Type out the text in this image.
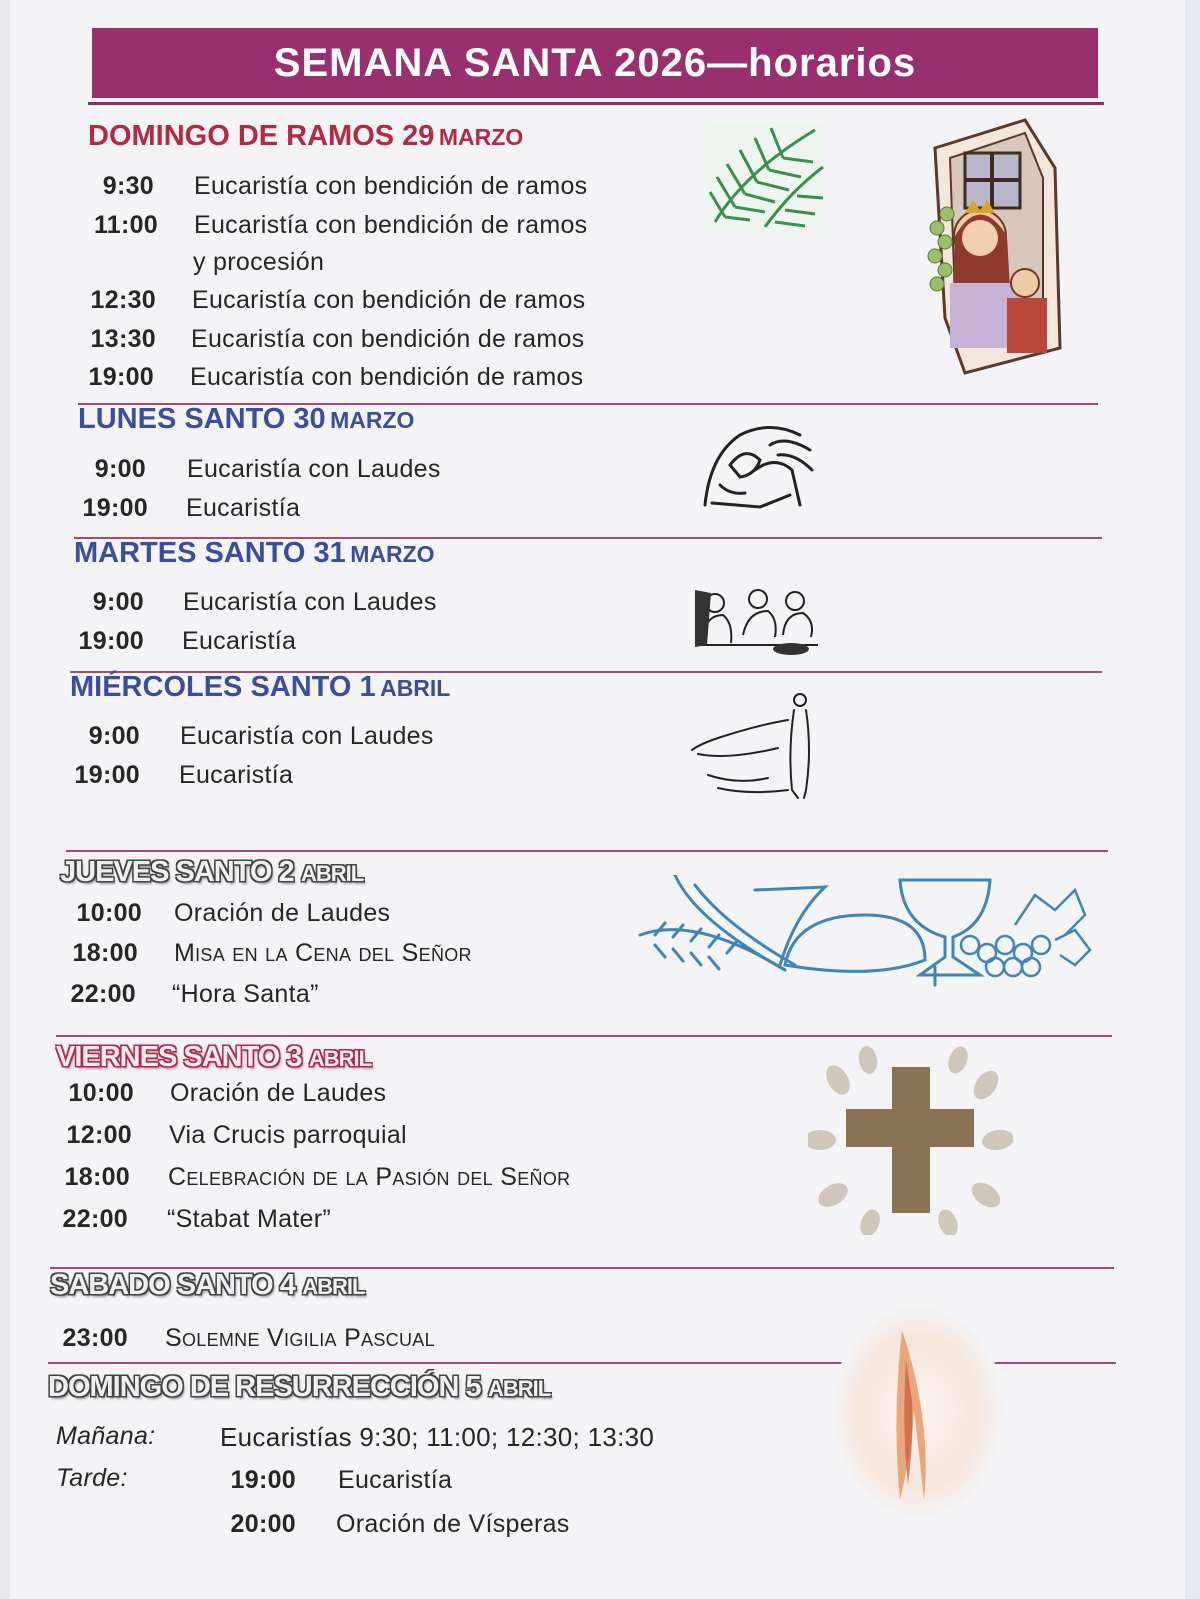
SEMANA SANTA 2026—horarios
DOMINGO DE RAMOS 29 MARZO
9:30 Eucaristía con bendición de ramos
11:00 Eucaristía con bendición de ramos
y procesión
12:30 Eucaristía con bendición de ramos
13:30 Eucaristía con bendición de ramos
19:00 Eucaristía con bendición de ramos
LUNES SANTO 30 MARZO
9:00 Eucaristía con Laudes
19:00 Eucaristía
MARTES SANTO 31 MARZO
9:00 Eucaristía con Laudes
19:00 Eucaristía
MIÉRCOLES SANTO 1 ABRIL
9:00 Eucaristía con Laudes
19:00 Eucaristía
JUEVES SANTO 2 ABRIL
10:00 Oración de Laudes
18:00 Misa en la Cena del Señor
22:00 “Hora Santa”
VIERNES SANTO 3 ABRIL
10:00 Oración de Laudes
12:00 Via Crucis parroquial
18:00 Celebración de la Pasión del Señor
22:00 “Stabat Mater”
SABADO SANTO 4 ABRIL
23:00 Solemne Vigilia Pascual
DOMINGO DE RESURRECCIÓN 5 ABRIL
Mañana: Eucaristías 9:30; 11:00; 12:30; 13:30
Tarde:	19:00 Eucaristía
20:00 Oración de Vísperas
